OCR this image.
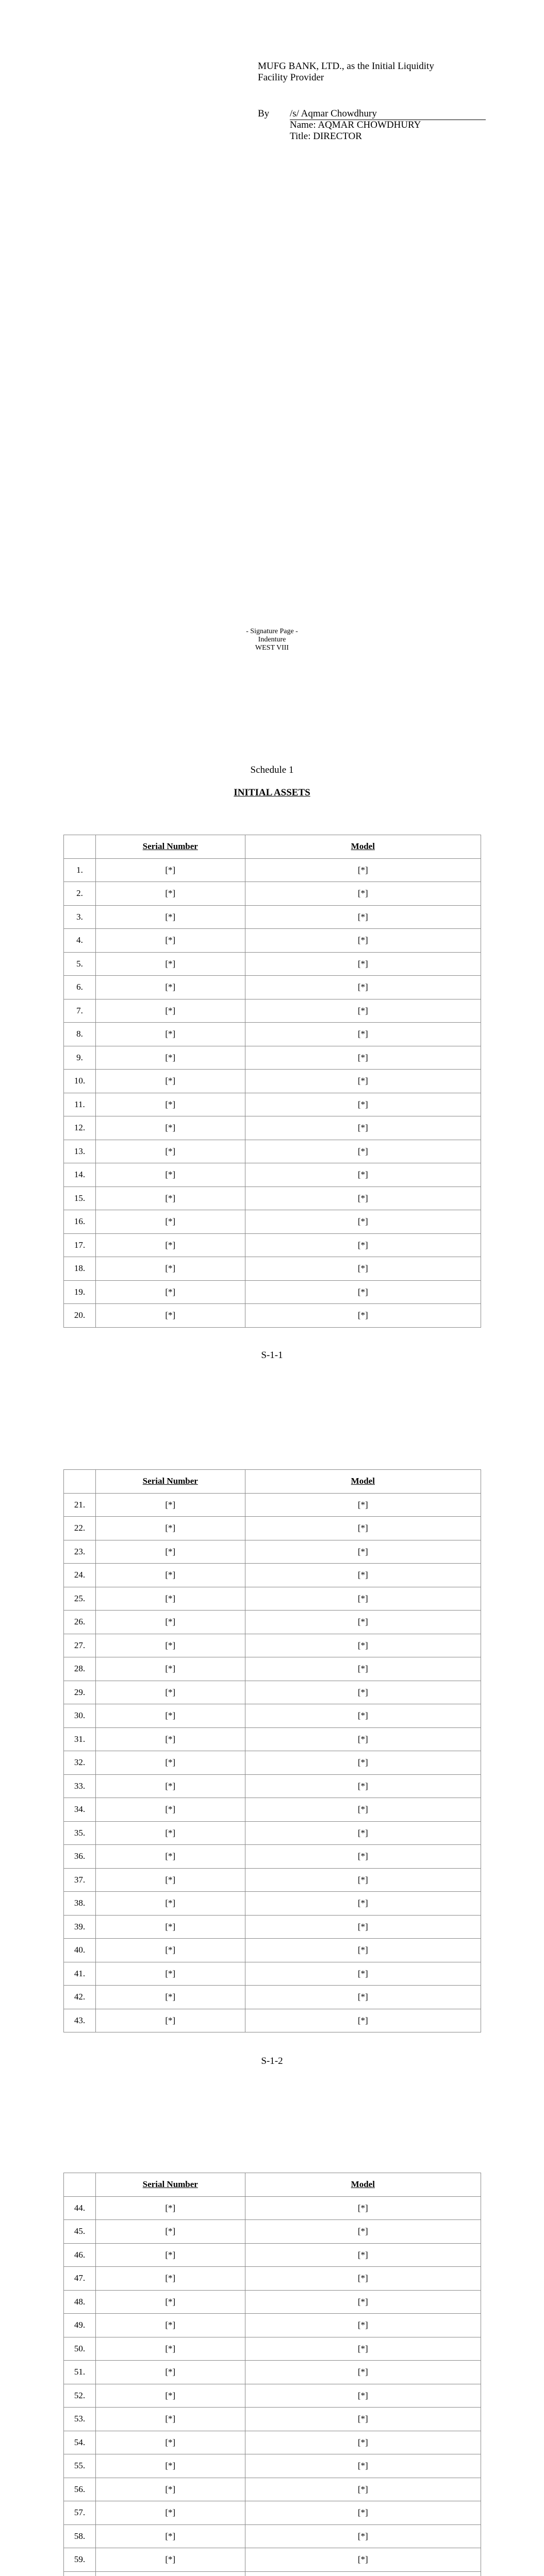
MUFG BANK, LTD., as the Initial Liquidity

Facility Provider

By /s/ Aqmar Chowdhury
Name: AQMAR CHOWDHURY
Title: DIRECTOR
- Signature Page -
Indenture
WEST VIII
Schedule 1
INITIAL ASSETS
	Serial Number	Model
1.	[*]	[*]
2.	[*]	[*]
3.	[*]	[*]
4.	[*]	[*]
5.	[*]	[*]
6.	[*]	[*]
7.	[*]	[*]
8.	[*]	[*]
9.	[*]	[*]
10.	[*]	[*]
11.	[*]	[*]
12.	[*]	[*]
13.	[*]	[*]
14.	[*]	[*]
15.	[*]	[*]
16.	[*]	[*]
17.	[*]	[*]
18.	[*]	[*]
19.	[*]	[*]
20.	[*]	[*]
S-1-1
	Serial Number	Model
21.	[*]	[*]
22.	[*]	[*]
23.	[*]	[*]
24.	[*]	[*]
25.	[*]	[*]
26.	[*]	[*]
27.	[*]	[*]
28.	[*]	[*]
29.	[*]	[*]
30.	[*]	[*]
31.	[*]	[*]
32.	[*]	[*]
33.	[*]	[*]
34.	[*]	[*]
35.	[*]	[*]
36.	[*]	[*]
37.	[*]	[*]
38.	[*]	[*]
39.	[*]	[*]
40.	[*]	[*]
41.	[*]	[*]
42.	[*]	[*]
43.	[*]	[*]
S-1-2
	Serial Number	Model
44.	[*]	[*]
45.	[*]	[*]
46.	[*]	[*]
47.	[*]	[*]
48.	[*]	[*]
49.	[*]	[*]
50.	[*]	[*]
51.	[*]	[*]
52.	[*]	[*]
53.	[*]	[*]
54.	[*]	[*]
55.	[*]	[*]
56.	[*]	[*]
57.	[*]	[*]
58.	[*]	[*]
59.	[*]	[*]
